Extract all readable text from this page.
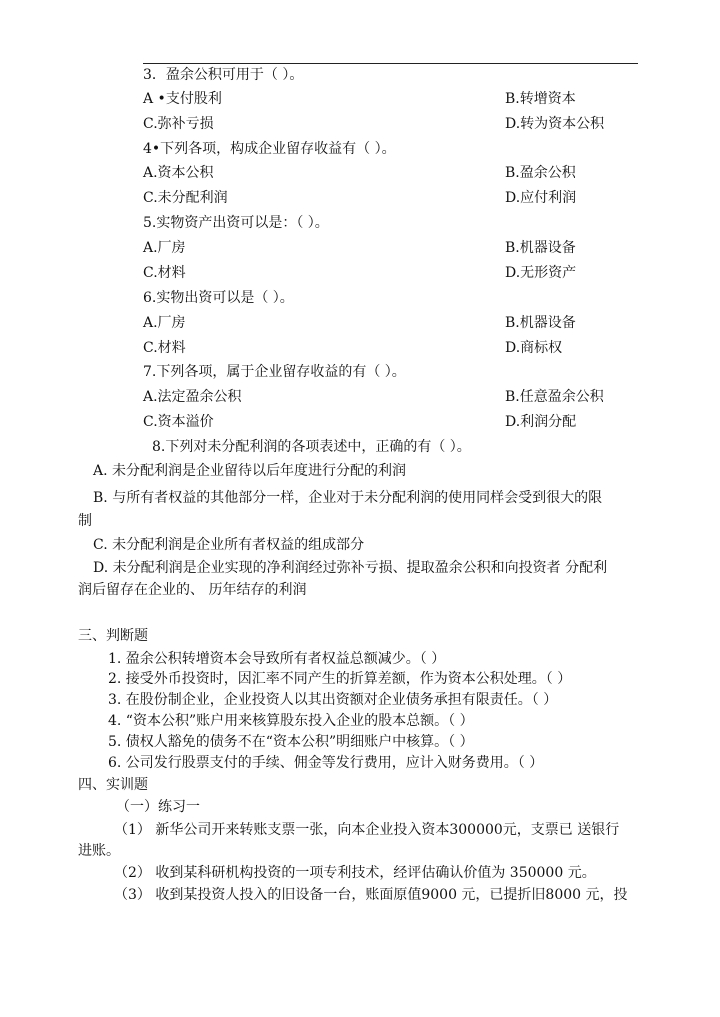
3．盈余公积可用于（ ）。
A •支付股利	B.转增资本
C.弥补亏损	D.转为资本公积
4•下列各项，构成企业留存收益有（ ）。
A.资本公积	B.盈余公积
C.未分配利润	D.应付利润
5.实物资产出资可以是：（ ）。
A.厂房	B.机器设备
C.材料	D.无形资产
6.实物出资可以是（ ）。
A.厂房	B.机器设备
C.材料	D.商标权
7.下列各项，属于企业留存收益的有（ ）。
A.法定盈余公积	B.任意盈余公积
C.资本溢价	D.利润分配
8.下列对未分配利润的各项表述中，正确的有（ ）。
A. 未分配利润是企业留待以后年度进行分配的利润
B. 与所有者权益的其他部分一样，企业对于未分配利润的使用同样会受到很大的限
制
C. 未分配利润是企业所有者权益的组成部分
D. 未分配利润是企业实现的净利润经过弥补亏损、提取盈余公积和向投资者 分配利
润后留存在企业的、 历年结存的利润
三、判断题
1. 盈余公积转增资本会导致所有者权益总额减少。（ ）
2. 接受外币投资时，因汇率不同产生的折算差额，作为资本公积处理。（ ）
3. 在股份制企业，企业投资人以其出资额对企业债务承担有限责任。（ ）
4. “资本公积”账户用来核算股东投入企业的股本总额。（ ）
5. 债权人豁免的债务不在“资本公积”明细账户中核算。（ ）
6. 公司发行股票支付的手续、佣金等发行费用，应计入财务费用。（ ）
四、实训题
（一）练习一
（1） 新华公司开来转账支票一张，向本企业投入资本300000元，支票已 送银行
进账。
（2） 收到某科研机构投资的一项专利技术，经评估确认价值为 350000 元。
（3） 收到某投资人投入的旧设备一台，账面原值9000 元，已提折旧8000 元，投
